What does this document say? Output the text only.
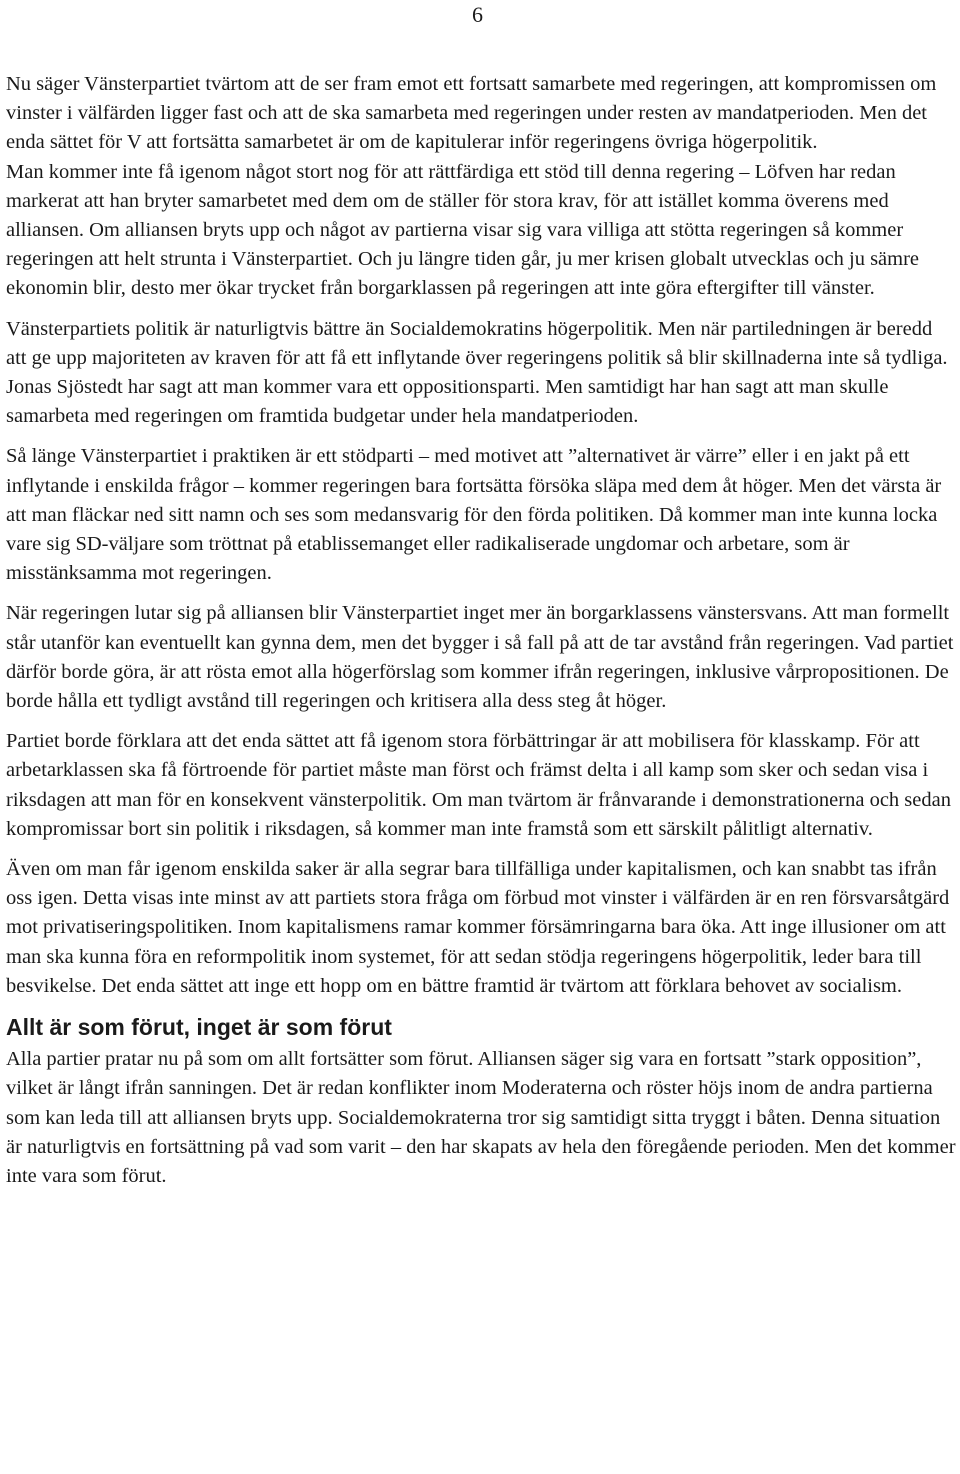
6

Nu säger Vänsterpartiet tvärtom att de ser fram emot ett fortsatt samarbete med regeringen, att kompromissen om vinster i välfärden ligger fast och att de ska samarbeta med regeringen under resten av mandatperioden. Men det enda sättet för V att fortsätta samarbetet är om de kapitulerar inför regeringens övriga högerpolitik.

Man kommer inte få igenom något stort nog för att rättfärdiga ett stöd till denna regering – Löfven har redan markerat att han bryter samarbetet med dem om de ställer för stora krav, för att istället komma överens med alliansen. Om alliansen bryts upp och något av partierna visar sig vara villiga att stötta regeringen så kommer regeringen att helt strunta i Vänsterpartiet. Och ju längre tiden går, ju mer krisen globalt utvecklas och ju sämre ekonomin blir, desto mer ökar trycket från borgarklassen på regeringen att inte göra eftergifter till vänster.

Vänsterpartiets politik är naturligtvis bättre än Socialdemokratins högerpolitik. Men när partiledningen är beredd att ge upp majoriteten av kraven för att få ett inflytande över regeringens politik så blir skillnaderna inte så tydliga. Jonas Sjöstedt har sagt att man kommer vara ett oppositionsparti. Men samtidigt har han sagt att man skulle samarbeta med regeringen om framtida budgetar under hela mandatperioden.

Så länge Vänsterpartiet i praktiken är ett stödparti – med motivet att ”alternativet är värre” eller i en jakt på ett inflytande i enskilda frågor – kommer regeringen bara fortsätta försöka släpa med dem åt höger. Men det värsta är att man fläckar ned sitt namn och ses som medansvarig för den förda politiken. Då kommer man inte kunna locka vare sig SD-väljare som tröttnat på etablissemanget eller radikaliserade ungdomar och arbetare, som är misstänksamma mot regeringen.

När regeringen lutar sig på alliansen blir Vänsterpartiet inget mer än borgarklassens vänstersvans. Att man formellt står utanför kan eventuellt kan gynna dem, men det bygger i så fall på att de tar avstånd från regeringen. Vad partiet därför borde göra, är att rösta emot alla högerförslag som kommer ifrån regeringen, inklusive vårpropositionen. De borde hålla ett tydligt avstånd till regeringen och kritisera alla dess steg åt höger.

Partiet borde förklara att det enda sättet att få igenom stora förbättringar är att mobilisera för klasskamp. För att arbetarklassen ska få förtroende för partiet måste man först och främst delta i all kamp som sker och sedan visa i riksdagen att man för en konsekvent vänsterpolitik. Om man tvärtom är frånvarande i demonstrationerna och sedan kompromissar bort sin politik i riksdagen, så kommer man inte framstå som ett särskilt pålitligt alternativ.

Även om man får igenom enskilda saker är alla segrar bara tillfälliga under kapitalismen, och kan snabbt tas ifrån oss igen. Detta visas inte minst av att partiets stora fråga om förbud mot vinster i välfärden är en ren försvarsåtgärd mot privatiseringspolitiken. Inom kapitalismens ramar kommer försämringarna bara öka. Att inge illusioner om att man ska kunna föra en reformpolitik inom systemet, för att sedan stödja regeringens högerpolitik, leder bara till besvikelse. Det enda sättet att inge ett hopp om en bättre framtid är tvärtom att förklara behovet av socialism.

Allt är som förut, inget är som förut

Alla partier pratar nu på som om allt fortsätter som förut. Alliansen säger sig vara en fortsatt ”stark opposition”, vilket är långt ifrån sanningen. Det är redan konflikter inom Moderaterna och röster höjs inom de andra partierna som kan leda till att alliansen bryts upp. Socialdemokraterna tror sig samtidigt sitta tryggt i båten. Denna situation är naturligtvis en fortsättning på vad som varit – den har skapats av hela den föregående perioden. Men det kommer inte vara som förut.
